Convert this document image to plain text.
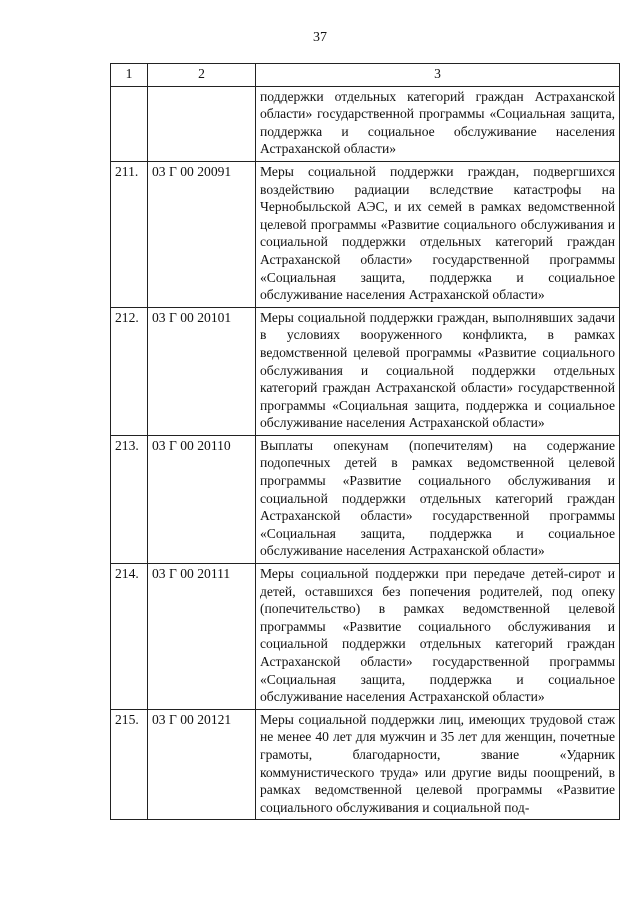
37
1	2	3
		поддержки отдельных категорий граждан Астраханской области» государственной программы «Социальная защита, поддержка и социальное обслуживание населения Астраханской области»
211.	03 Г 00 20091	Меры социальной поддержки граждан, подвергшихся воздействию радиации вследствие катастрофы на Чернобыльской АЭС, и их семей в рамках ведомственной целевой программы «Развитие социального обслуживания и социальной поддержки отдельных категорий граждан Астраханской области» государственной программы «Социальная защита, поддержка и социальное обслуживание населения Астраханской области»
212.	03 Г 00 20101	Меры социальной поддержки граждан, выполнявших задачи в условиях вооруженного конфликта, в рамках ведомственной целевой программы «Развитие социального обслуживания и социальной поддержки отдельных категорий граждан Астраханской области» государственной программы «Социальная защита, поддержка и социальное обслуживание населения Астраханской области»
213.	03 Г 00 20110	Выплаты опекунам (попечителям) на содержание подопечных детей в рамках ведомственной целевой программы «Развитие социального обслуживания и социальной поддержки отдельных категорий граждан Астраханской области» государственной программы «Социальная защита, поддержка и социальное обслуживание населения Астраханской области»
214.	03 Г 00 20111	Меры социальной поддержки при передаче детей-сирот и детей, оставшихся без попечения родителей, под опеку (попечительство) в рамках ведомственной целевой программы «Развитие социального обслуживания и социальной поддержки отдельных категорий граждан Астраханской области» государственной программы «Социальная защита, поддержка и социальное обслуживание населения Астраханской области»
215.	03 Г 00 20121	Меры социальной поддержки лиц, имеющих трудовой стаж не менее 40 лет для мужчин и 35 лет для женщин, почетные грамоты, благодарности, звание «Ударник коммунистического труда» или другие виды поощрений, в рамках ведомственной целевой программы «Развитие социального обслуживания и социальной под-
